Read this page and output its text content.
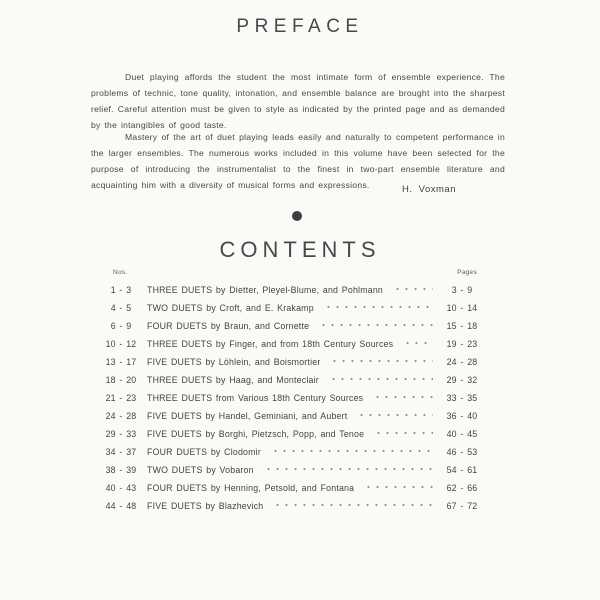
PREFACE

Duet playing affords the student the most intimate form of ensemble experience. The problems of technic, tone quality, intonation, and ensemble balance are brought into the sharpest relief. Careful attention must be given to style as indicated by the printed page and as demanded by the intangibles of good taste.

Mastery of the art of duet playing leads easily and naturally to competent performance in the larger ensembles. The numerous works included in this volume have been selected for the purpose of introducing the instrumentalist to the finest in two-part ensemble literature and acquainting him with a diversity of musical forms and expressions.	H. Voxman
CONTENTS
Nos.	Pages
1 - 3	THREE DUETS by Dietter, Pleyel-Blume, and Pohlmann	3 - 9
4 - 5	TWO DUETS by Croft, and E. Krakamp	10 - 14
6 - 9	FOUR DUETS by Braun, and Cornette	15 - 18
10 - 12	THREE DUETS by Finger, and from 18th Century Sources	19 - 23
13 - 17	FIVE DUETS by Löhlein, and Boismortier	24 - 28
18 - 20	THREE DUETS by Haag, and Monteclair	29 - 32
21 - 23	THREE DUETS from Various 18th Century Sources	33 - 35
24 - 28	FIVE DUETS by Handel, Geminiani, and Aubert	36 - 40
29 - 33	FIVE DUETS by Borghi, Pietzsch, Popp, and Tenoe	40 - 45
34 - 37	FOUR DUETS by Clodomir	46 - 53
38 - 39	TWO DUETS by Vobaron	54 - 61
40 - 43	FOUR DUETS by Henning, Petsold, and Fontana	62 - 66
44 - 48	FIVE DUETS by Blazhevich	67 - 72
